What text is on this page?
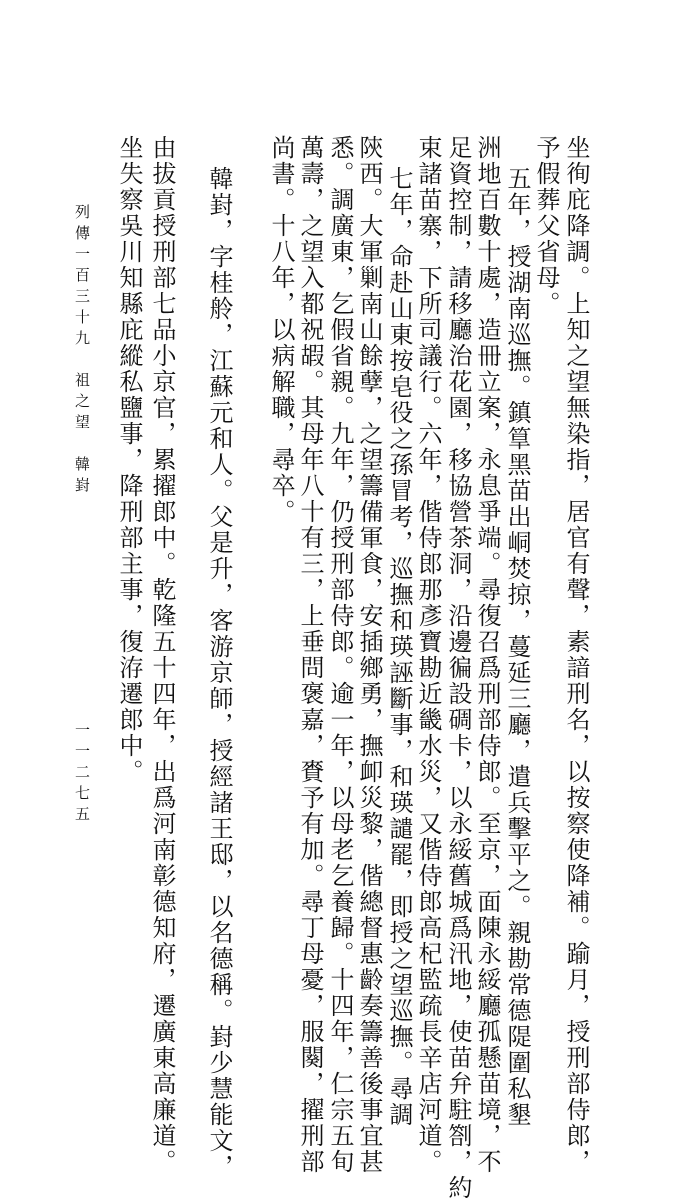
坐徇庇降調。上知之望無染指，居官有聲，素諳刑名，以按察使降補。踰月，授刑部侍郎，
予假葬父省母。
五年，授湖南巡撫。鎮筸黑苗出峒焚掠，蔓延三廳，遣兵擊平之。親勘常德隄圍私墾
洲地百數十處，造冊立案，永息爭端。尋復召爲刑部侍郎。至京，面陳永綏廳孤懸苗境，不
足資控制，請移廳治花園，移協營茶洞，沿邊徧設碉卡，以永綏舊城爲汛地，使苗弁駐劄，約
束諸苗寨，下所司議行。六年，偕侍郎那彥寶勘近畿水災，又偕侍郎高杞監疏長辛店河道。
七年，命赴山東按皂役之孫冒考，巡撫和瑛誣斷事，和瑛譴罷，即授之望巡撫。尋調
陝西。大軍剿南山餘孽，之望籌備軍食，安插鄉勇，撫卹災黎，偕總督惠齡奏籌善後事宜甚
悉。調廣東，乞假省親。九年，仍授刑部侍郎。逾一年，以母老乞養歸。十四年，仁宗五旬
萬壽，之望入都祝嘏。其母年八十有三，上垂問褒嘉，賚予有加。尋丁母憂，服闋，擢刑部
尚書。十八年，以病解職，尋卒。
韓崶，字桂舲，江蘇元和人。父是升，客游京師，授經諸王邸，以名德稱。崶少慧能文，
由拔貢授刑部七品小京官，累擢郎中。乾隆五十四年，出爲河南彰德知府，遷廣東高廉道。
坐失察吳川知縣庇縱私鹽事，降刑部主事，復洊遷郎中。
列傳一百三十九　祖之望　韓崶
一一二七五
